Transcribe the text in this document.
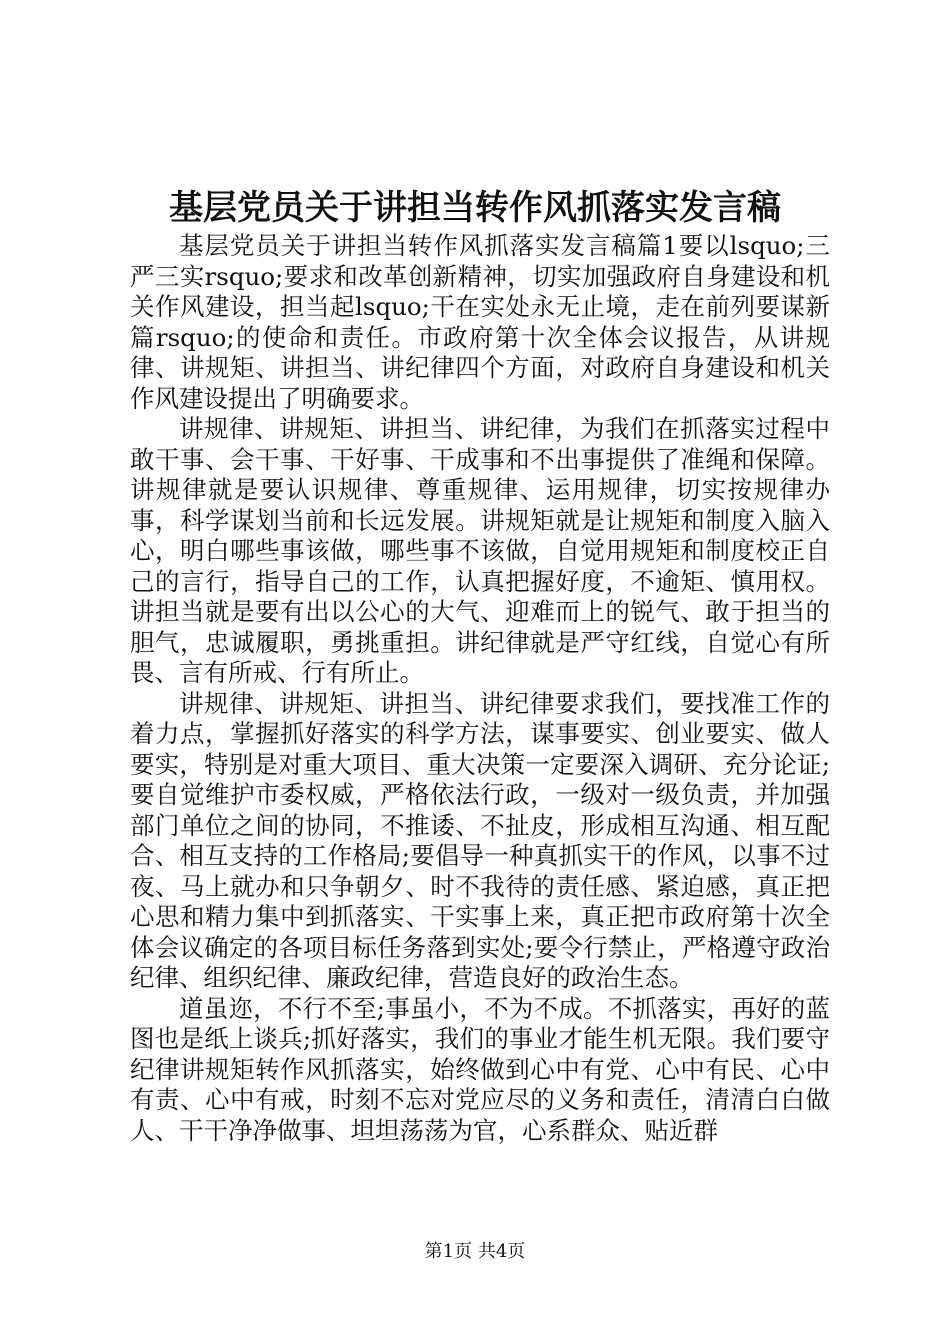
基层党员关于讲担当转作风抓落实发言稿

基层党员关于讲担当转作风抓落实发言稿篇1要以lsquo;三严三实rsquo;要求和改革创新精神，切实加强政府自身建设和机关作风建设，担当起lsquo;干在实处永无止境，走在前列要谋新篇rsquo;的使命和责任。市政府第十次全体会议报告，从讲规律、讲规矩、讲担当、讲纪律四个方面，对政府自身建设和机关作风建设提出了明确要求。

讲规律、讲规矩、讲担当、讲纪律，为我们在抓落实过程中敢干事、会干事、干好事、干成事和不出事提供了准绳和保障。讲规律就是要认识规律、尊重规律、运用规律，切实按规律办事，科学谋划当前和长远发展。讲规矩就是让规矩和制度入脑入心，明白哪些事该做，哪些事不该做，自觉用规矩和制度校正自己的言行，指导自己的工作，认真把握好度，不逾矩、慎用权。讲担当就是要有出以公心的大气、迎难而上的锐气、敢于担当的胆气，忠诚履职，勇挑重担。讲纪律就是严守红线，自觉心有所畏、言有所戒、行有所止。

讲规律、讲规矩、讲担当、讲纪律要求我们，要找准工作的着力点，掌握抓好落实的科学方法，谋事要实、创业要实、做人要实，特别是对重大项目、重大决策一定要深入调研、充分论证;要自觉维护市委权威，严格依法行政，一级对一级负责，并加强部门单位之间的协同，不推诿、不扯皮，形成相互沟通、相互配合、相互支持的工作格局;要倡导一种真抓实干的作风，以事不过夜、马上就办和只争朝夕、时不我待的责任感、紧迫感，真正把心思和精力集中到抓落实、干实事上来，真正把市政府第十次全体会议确定的各项目标任务落到实处;要令行禁止，严格遵守政治纪律、组织纪律、廉政纪律，营造良好的政治生态。

道虽迩，不行不至;事虽小，不为不成。不抓落实，再好的蓝图也是纸上谈兵;抓好落实，我们的事业才能生机无限。我们要守纪律讲规矩转作风抓落实，始终做到心中有党、心中有民、心中有责、心中有戒，时刻不忘对党应尽的义务和责任，清清白白做人、干干净净做事、坦坦荡荡为官，心系群众、贴近群

第1页 共4页
